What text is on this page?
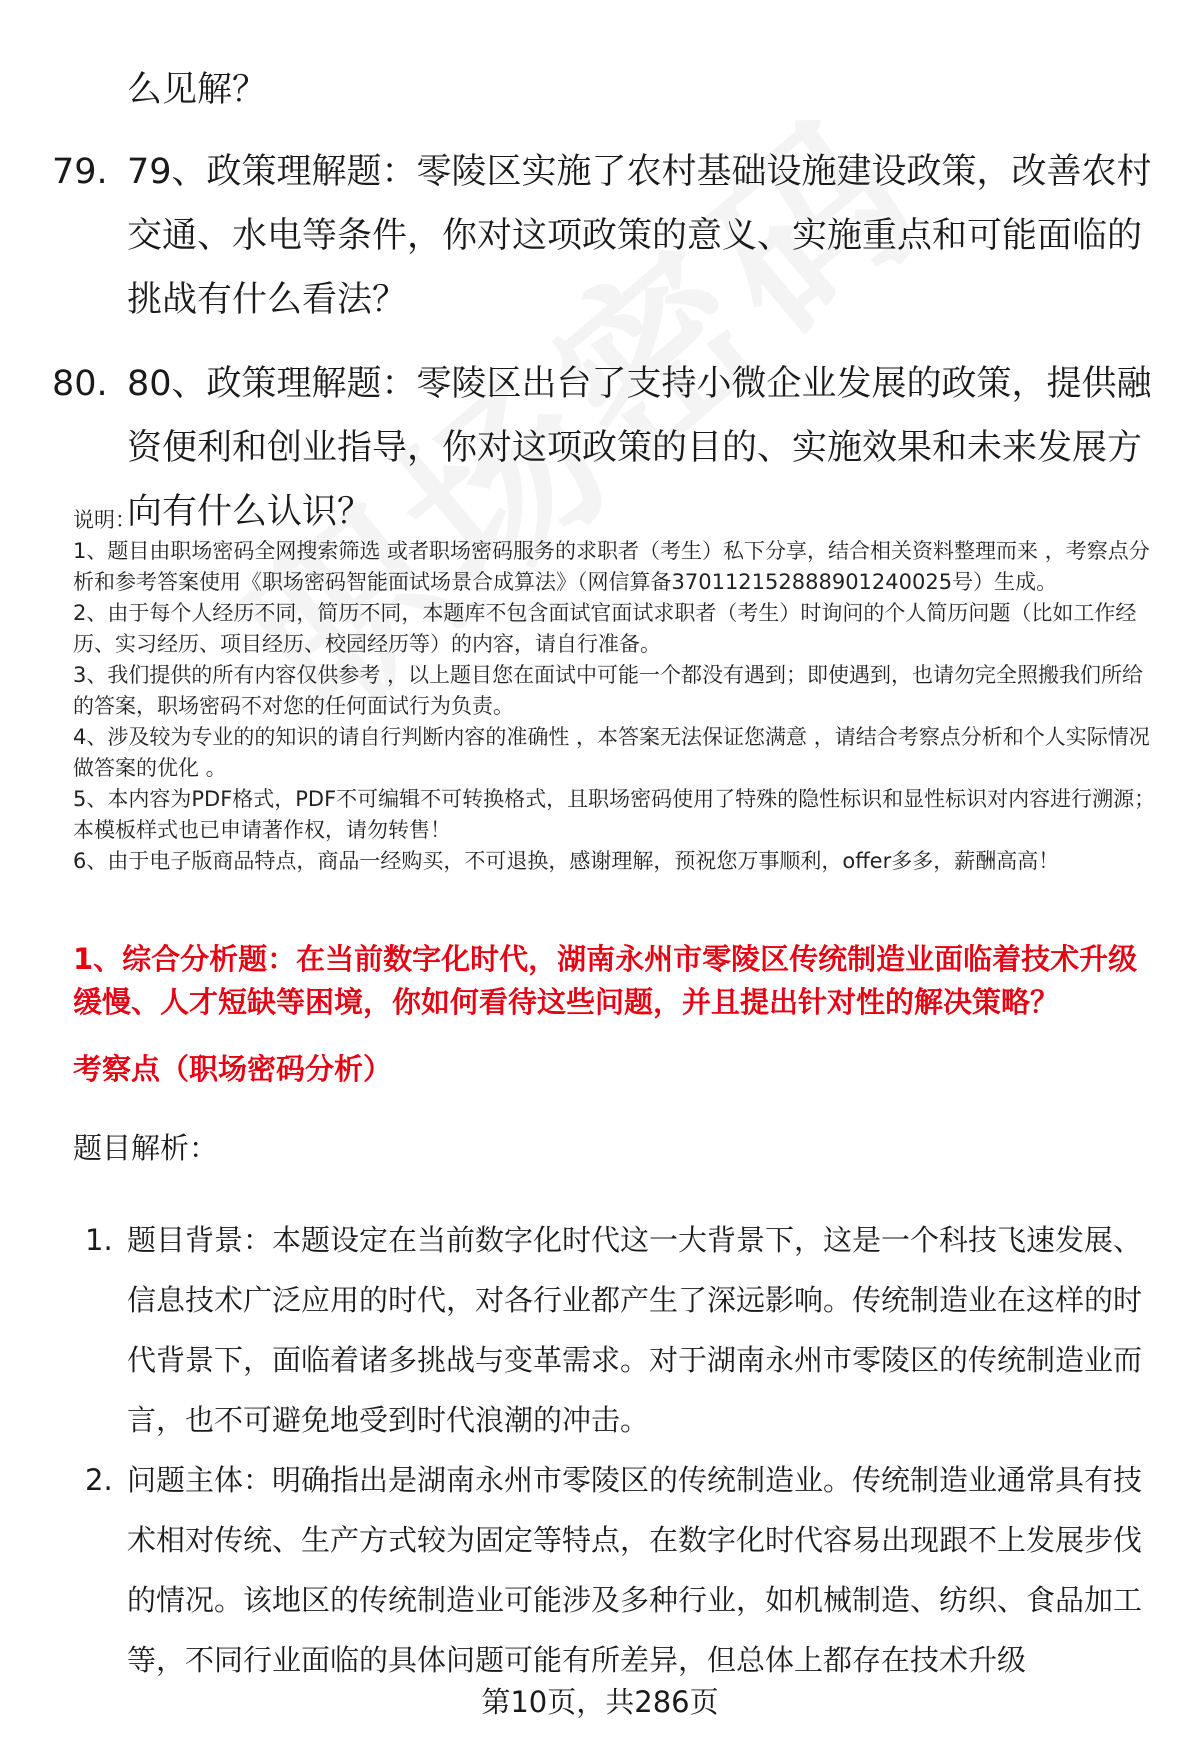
么见解？

79. 79、政策理解题：零陵区实施了农村基础设施建设政策，改善农村交通、水电等条件，你对这项政策的意义、实施重点和可能面临的挑战有什么看法？
80. 80、政策理解题：零陵区出台了支持小微企业发展的政策，提供融资便利和创业指导，你对这项政策的目的、实施效果和未来发展方向有什么认识？

说明：

1、题目由职场密码全网搜索筛选 或者职场密码服务的求职者（考生）私下分享，结合相关资料整理而来 ，考察点分析和参考答案使用《职场密码智能面试场景合成算法》（网信算备370112152888901240025号）生成。

2、由于每个人经历不同，简历不同，本题库不包含面试官面试求职者（考生）时询问的个人简历问题（比如工作经历、实习经历、项目经历、校园经历等）的内容，请自行准备。

3、我们提供的所有内容仅供参考 ，以上题目您在面试中可能一个都没有遇到；即使遇到，也请勿完全照搬我们所给的答案，职场密码不对您的任何面试行为负责。

4、涉及较为专业的的知识的请自行判断内容的准确性 ，本答案无法保证您满意 ，请结合考察点分析和个人实际情况做答案的优化 。

5、本内容为PDF格式，PDF不可编辑不可转换格式，且职场密码使用了特殊的隐性标识和显性标识对内容进行溯源；本模板样式也已申请著作权，请勿转售！

6、由于电子版商品特点，商品一经购买，不可退换，感谢理解，预祝您万事顺利，offer多多，薪酬高高！

1、综合分析题：在当前数字化时代，湖南永州市零陵区传统制造业面临着技术升级缓慢、人才短缺等困境，你如何看待这些问题，并且提出针对性的解决策略？

考察点（职场密码分析）

题目解析：

1. 题目背景：本题设定在当前数字化时代这一大背景下，这是一个科技飞速发展、信息技术广泛应用的时代，对各行业都产生了深远影响。传统制造业在这样的时代背景下，面临着诸多挑战与变革需求。对于湖南永州市零陵区的传统制造业而言，也不可避免地受到时代浪潮的冲击。
2. 问题主体：明确指出是湖南永州市零陵区的传统制造业。传统制造业通常具有技术相对传统、生产方式较为固定等特点，在数字化时代容易出现跟不上发展步伐的情况。该地区的传统制造业可能涉及多种行业，如机械制造、纺织、食品加工等，不同行业面临的具体问题可能有所差异，但总体上都存在技术升级
第10页，共286页
